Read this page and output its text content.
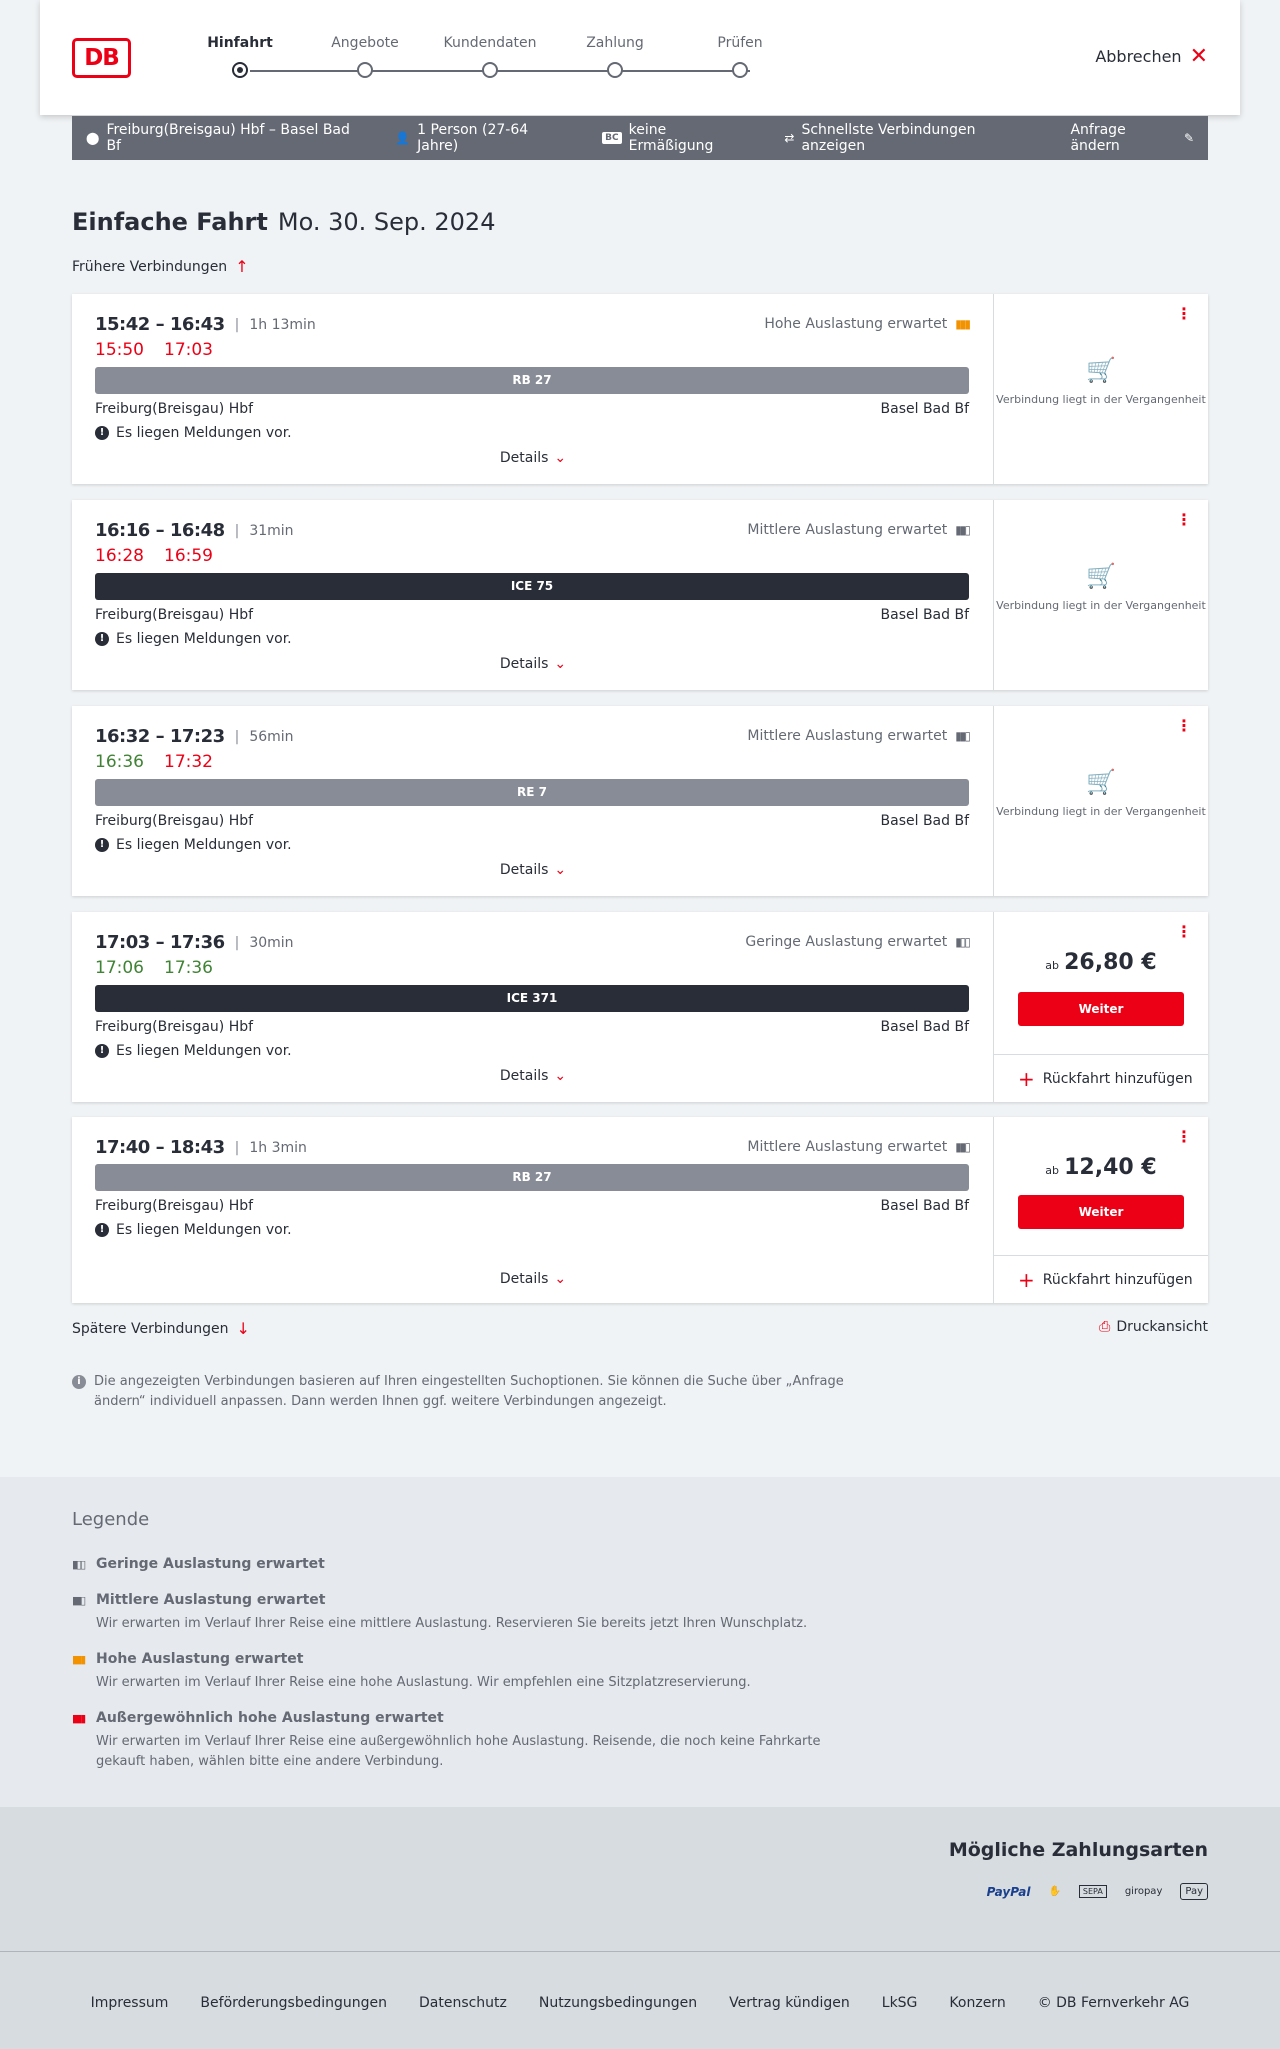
DB
Hinfahrt	Angebote	Kundendaten	Zahlung	Prüfen
Abbrechen ✕
⬤ Freiburg(Breisgau) Hbf – Basel Bad Bf	👤 1 Person (27-64 Jahre)	BC keine Ermäßigung	⇄ Schnellste Verbindungen anzeigen
Anfrage ändern	✎
Einfache Fahrt Mo. 30. Sep. 2024
Frühere Verbindungen ↑
15:42 – 16:43 | 1h 13min
15:50 17:03
Hohe Auslastung erwartet ▮▮▮
RB 27
Freiburg(Breisgau) Hbf	Basel Bad Bf
! Es liegen Meldungen vor.
Details ⌄
⋮
🛒
Verbindung liegt in der Vergangenheit
16:16 – 16:48 | 31min
16:28 16:59
Mittlere Auslastung erwartet ▮▮▯
ICE 75
Freiburg(Breisgau) Hbf	Basel Bad Bf
! Es liegen Meldungen vor.
Details ⌄
⋮
🛒
Verbindung liegt in der Vergangenheit
16:32 – 17:23 | 56min
16:36 17:32
Mittlere Auslastung erwartet ▮▮▯
RE 7
Freiburg(Breisgau) Hbf	Basel Bad Bf
! Es liegen Meldungen vor.
Details ⌄
⋮
🛒
Verbindung liegt in der Vergangenheit
17:03 – 17:36 | 30min
17:06 17:36
Geringe Auslastung erwartet ▮▯▯
ICE 371
Freiburg(Breisgau) Hbf	Basel Bad Bf
! Es liegen Meldungen vor.
Details ⌄
⋮
ab 26,80 €
Weiter
+ Rückfahrt hinzufügen
17:40 – 18:43 | 1h 3min	Mittlere Auslastung erwartet ▮▮▯
RB 27
Freiburg(Breisgau) Hbf	Basel Bad Bf
! Es liegen Meldungen vor.
Details ⌄
⋮
ab 12,40 €
Weiter
+ Rückfahrt hinzufügen
Spätere Verbindungen ↓	⎙ Druckansicht
i	Die angezeigten Verbindungen basieren auf Ihren eingestellten Suchoptionen. Sie können die Suche über „Anfrage ändern“ individuell anpassen. Dann werden Ihnen ggf. weitere Verbindungen angezeigt.
Legende
▮▯▯ Geringe Auslastung erwartet
▮▮▯ Mittlere Auslastung erwartet
Wir erwarten im Verlauf Ihrer Reise eine mittlere Auslastung. Reservieren Sie bereits jetzt Ihren Wunschplatz.
▮▮▮ Hohe Auslastung erwartet
Wir erwarten im Verlauf Ihrer Reise eine hohe Auslastung. Wir empfehlen eine Sitzplatzreservierung.
▮▮▮ Außergewöhnlich hohe Auslastung erwartet
Wir erwarten im Verlauf Ihrer Reise eine außergewöhnlich hohe Auslastung. Reisende, die noch keine Fahrkarte gekauft haben, wählen bitte eine andere Verbindung.
Mögliche Zahlungsarten
PayPal ✋	SEPA	giropay	Pay
Impressum Beförderungsbedingungen Datenschutz Nutzungsbedingungen Vertrag kündigen LkSG Konzern © DB Fernverkehr AG
